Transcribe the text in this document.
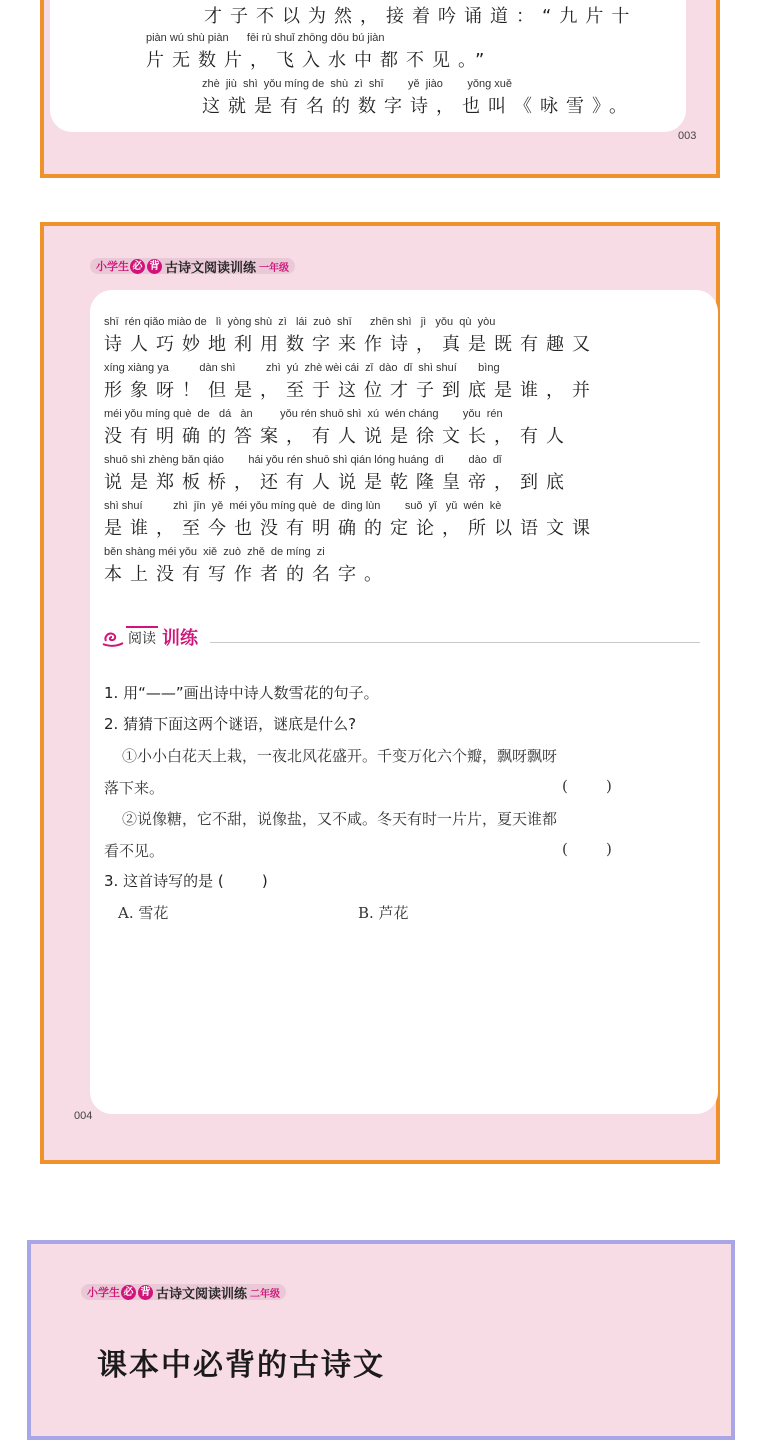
才子不以为然，接着吟诵道：“九片十
piàn wú shù piàn      fēi rù shuǐ zhōng dōu bú jiàn
片无数片，飞入水中都不见。”
zhè  jiù  shì  yǒu míng de  shù  zì  shī        yě  jiào        yǒng xuě
这就是有名的数字诗，也叫《咏雪》。
003
小学生 必 背 古诗文阅读训练 一年级
shī  rén qiǎo miào de   lì  yòng shù  zì   lái  zuò  shī      zhēn shì   jì   yǒu  qù  yòu
诗人巧妙地利用数字来作诗，真是既有趣又
xíng xiàng ya          dàn shì          zhì  yú  zhè wèi cái  zǐ  dào  dǐ  shì shuí       bìng
形象呀！但是，至于这位才子到底是谁，并
méi yǒu míng què  de   dá   àn         yǒu rén shuō shì  xú  wén cháng        yǒu  rén
没有明确的答案，有人说是徐文长，有人
shuō shì zhèng bǎn qiáo        hái yǒu rén shuō shì qián lóng huáng  dì        dào  dǐ
说是郑板桥，还有人说是乾隆皇帝，到底
shì shuí          zhì  jīn  yě  méi yǒu míng què  de  dìng lùn        suǒ  yǐ   yǔ  wén  kè
是谁，至今也没有明确的定论，所以语文课
běn shàng méi yǒu  xiě  zuò  zhě  de míng  zi
本上没有写作者的名字。
阅读 训练
1. 用“——”画出诗中诗人数雪花的句子。
2. 猜猜下面这两个谜语，谜底是什么?
①小小白花天上栽，一夜北风花盛开。千变万化六个瓣，飘呀飘呀
落下来。	(        )
②说像糖，它不甜，说像盐，又不咸。冬天有时一片片，夏天谁都
看不见。	(        )
3. 这首诗写的是 (        )
A. 雪花	B. 芦花
004
小学生 必 背 古诗文阅读训练 二年级
课本中必背的古诗文
